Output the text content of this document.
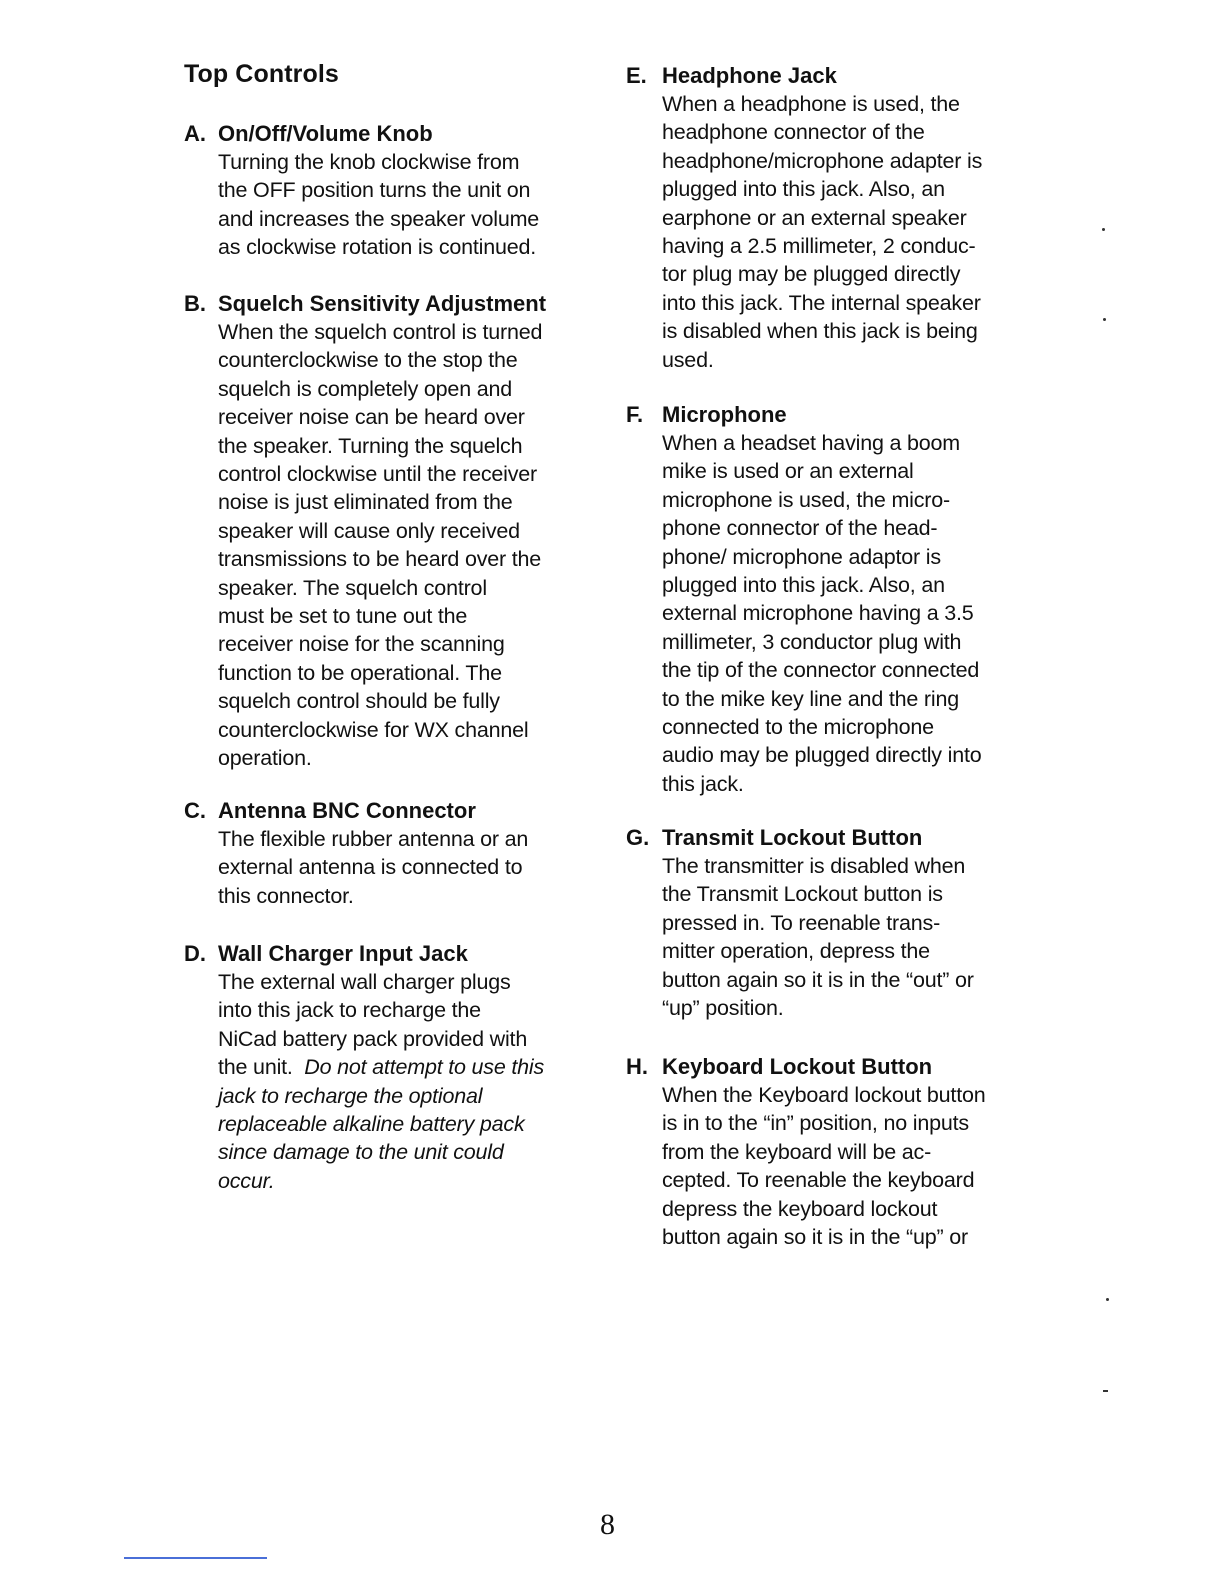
Top Controls
A. On/Off/Volume Knob
Turning the knob clockwise from
the OFF position turns the unit on
and increases the speaker volume
as clockwise rotation is continued.
B. Squelch Sensitivity Adjustment
When the squelch control is turned
counterclockwise to the stop the
squelch is completely open and
receiver noise can be heard over
the speaker. Turning the squelch
control clockwise until the receiver
noise is just eliminated from the
speaker will cause only received
transmissions to be heard over the
speaker. The squelch control
must be set to tune out the
receiver noise for the scanning
function to be operational. The
squelch control should be fully
counterclockwise for WX channel
operation.
C. Antenna BNC Connector
The flexible rubber antenna or an
external antenna is connected to
this connector.
D. Wall Charger Input Jack
The external wall charger plugs
into this jack to recharge the
NiCad battery pack provided with
the unit.  Do not attempt to use this
jack to recharge the optional
replaceable alkaline battery pack
since damage to the unit could
occur.
E. Headphone Jack
When a headphone is used, the
headphone connector of the
headphone/microphone adapter is
plugged into this jack. Also, an
earphone or an external speaker
having a 2.5 millimeter, 2 conduc-
tor plug may be plugged directly
into this jack. The internal speaker
is disabled when this jack is being
used.
F. Microphone
When a headset having a boom
mike is used or an external
microphone is used, the micro-
phone connector of the head-
phone/ microphone adaptor is
plugged into this jack. Also, an
external microphone having a 3.5
millimeter, 3 conductor plug with
the tip of the connector connected
to the mike key line and the ring
connected to the microphone
audio may be plugged directly into
this jack.
G. Transmit Lockout Button
The transmitter is disabled when
the Transmit Lockout button is
pressed in. To reenable trans-
mitter operation, depress the
button again so it is in the “out” or
“up” position.
H. Keyboard Lockout Button
When the Keyboard lockout button
is in to the “in” position, no inputs
from the keyboard will be ac-
cepted. To reenable the keyboard
depress the keyboard lockout
button again so it is in the “up” or
8
